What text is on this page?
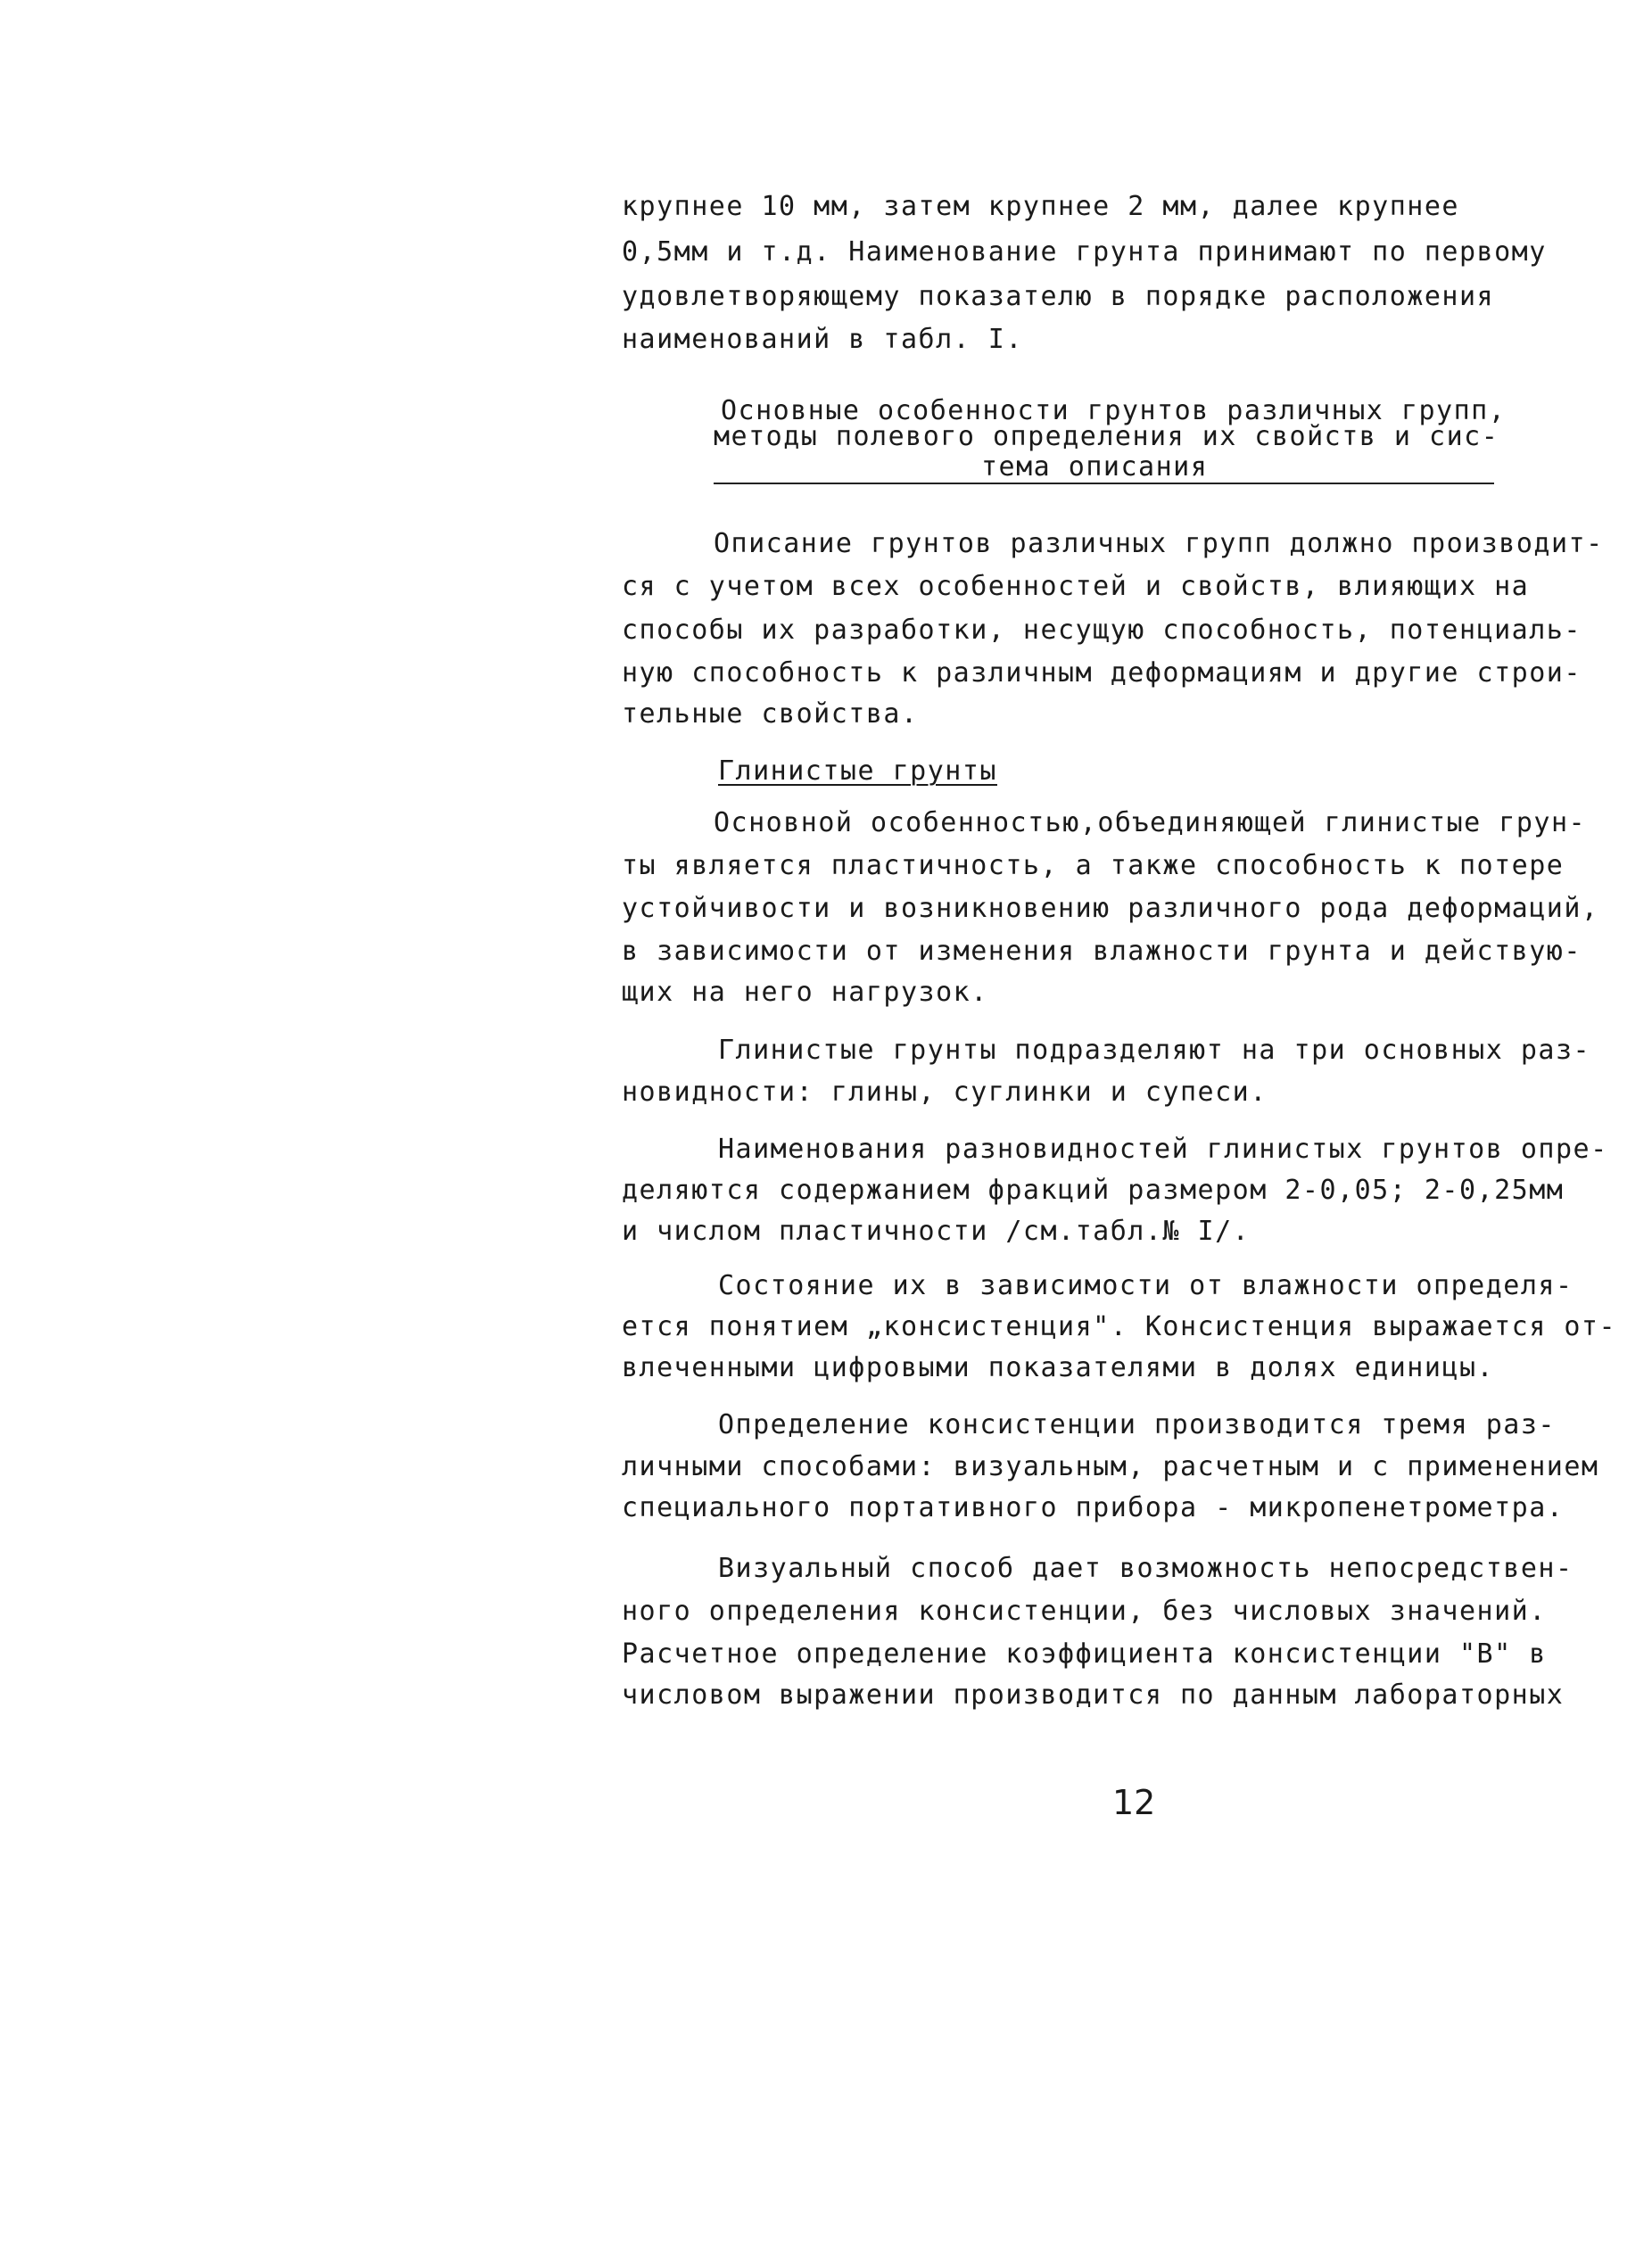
крупнее 10 мм, затем крупнее 2 мм, далее крупнее
0,5мм и т.д. Наименование грунта принимают по первому
удовлетворяющему показателю в порядке расположения
наименований в табл. I.
Основные особенности грунтов различных групп,
методы полевого определения их свойств и сис-
тема описания
Описание грунтов различных групп должно производит-
ся с учетом всех особенностей и свойств, влияющих на
способы их разработки, несущую способность, потенциаль-
ную способность к различным деформациям и другие строи-
тельные свойства.
Глинистые грунты
Основной особенностью,объединяющей глинистые грун-
ты является пластичность, а также способность к потере
устойчивости и возникновению различного рода деформаций,
в зависимости от изменения влажности грунта и действую-
щих на него нагрузок.
Глинистые грунты подразделяют на три основных раз-
новидности: глины, суглинки и супеси.
Наименования разновидностей глинистых грунтов опре-
деляются содержанием фракций размером 2-0,05; 2-0,25мм
и числом пластичности /см.табл.№ I/.
Состояние их в зависимости от влажности определя-
ется понятием „консистенция". Консистенция выражается от-
влеченными цифровыми показателями в долях единицы.
Определение консистенции производится тремя раз-
личными способами: визуальным, расчетным и с применением
специального портативного прибора - микропенетрометра.
Визуальный способ дает возможность непосредствен-
ного определения консистенции, без числовых значений.
Расчетное определение коэффициента консистенции "В" в
числовом выражении производится по данным лабораторных
12
